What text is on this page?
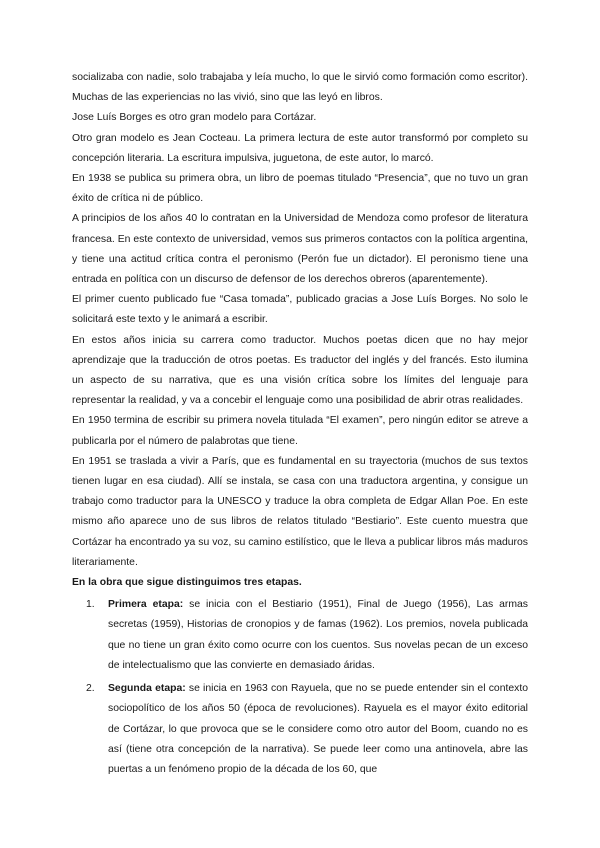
socializaba con nadie, solo trabajaba y leía mucho, lo que le sirvió como formación como escritor). Muchas de las experiencias no las vivió, sino que las leyó en libros.

Jose Luís Borges es otro gran modelo para Cortázar.

Otro gran modelo es Jean Cocteau. La primera lectura de este autor transformó por completo su concepción literaria. La escritura impulsiva, juguetona, de este autor, lo marcó.

En 1938 se publica su primera obra, un libro de poemas titulado “Presencia”, que no tuvo un gran éxito de crítica ni de público.

A principios de los años 40 lo contratan en la Universidad de Mendoza como profesor de literatura francesa. En este contexto de universidad, vemos sus primeros contactos con la política argentina, y tiene una actitud crítica contra el peronismo (Perón fue un dictador). El peronismo tiene una entrada en política con un discurso de defensor de los derechos obreros (aparentemente).

El primer cuento publicado fue “Casa tomada”, publicado gracias a Jose Luís Borges. No solo le solicitará este texto y le animará a escribir.

En estos años inicia su carrera como traductor. Muchos poetas dicen que no hay mejor aprendizaje que la traducción de otros poetas. Es traductor del inglés y del francés. Esto ilumina un aspecto de su narrativa, que es una visión crítica sobre los límites del lenguaje para representar la realidad, y va a concebir el lenguaje como una posibilidad de abrir otras realidades.

En 1950 termina de escribir su primera novela titulada “El examen”, pero ningún editor se atreve a publicarla por el número de palabrotas que tiene.

En 1951 se traslada a vivir a París, que es fundamental en su trayectoria (muchos de sus textos tienen lugar en esa ciudad). Allí se instala, se casa con una traductora argentina, y consigue un trabajo como traductor para la UNESCO y traduce la obra completa de Edgar Allan Poe. En este mismo año aparece uno de sus libros de relatos titulado “Bestiario”. Este cuento muestra que Cortázar ha encontrado ya su voz, su camino estilístico, que le lleva a publicar libros más maduros literariamente.

En la obra que sigue distinguimos tres etapas.

1. Primera etapa: se inicia con el Bestiario (1951), Final de Juego (1956), Las armas secretas (1959), Historias de cronopios y de famas (1962). Los premios, novela publicada que no tiene un gran éxito como ocurre con los cuentos. Sus novelas pecan de un exceso de intelectualismo que las convierte en demasiado áridas.
2. Segunda etapa: se inicia en 1963 con Rayuela, que no se puede entender sin el contexto sociopolítico de los años 50 (época de revoluciones). Rayuela es el mayor éxito editorial de Cortázar, lo que provoca que se le considere como otro autor del Boom, cuando no es así (tiene otra concepción de la narrativa). Se puede leer como una antinovela, abre las puertas a un fenómeno propio de la década de los 60, que
